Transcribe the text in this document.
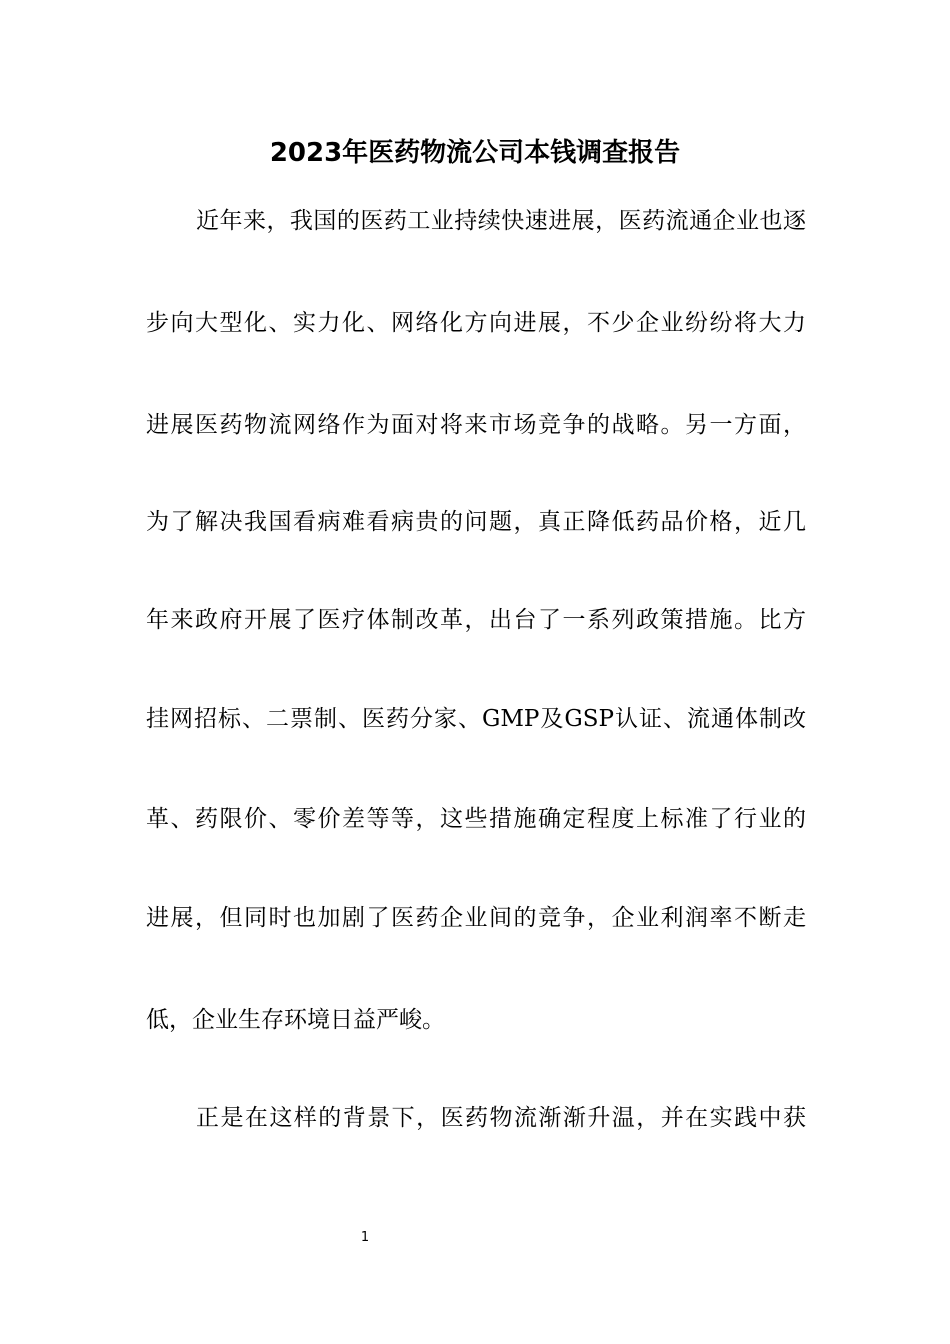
2023年医药物流公司本钱调查报告
近年来，我国的医药工业持续快速进展，医药流通企业也逐
步向大型化、实力化、网络化方向进展，不少企业纷纷将大力
进展医药物流网络作为面对将来市场竞争的战略。另一方面，
为了解决我国看病难看病贵的问题，真正降低药品价格，近几
年来政府开展了医疗体制改革，出台了一系列政策措施。比方
挂网招标、二票制、医药分家、GMP及GSP认证、流通体制改
革、药限价、零价差等等，这些措施确定程度上标准了行业的
进展，但同时也加剧了医药企业间的竞争，企业利润率不断走
低，企业生存环境日益严峻。
正是在这样的背景下，医药物流渐渐升温，并在实践中获
1
